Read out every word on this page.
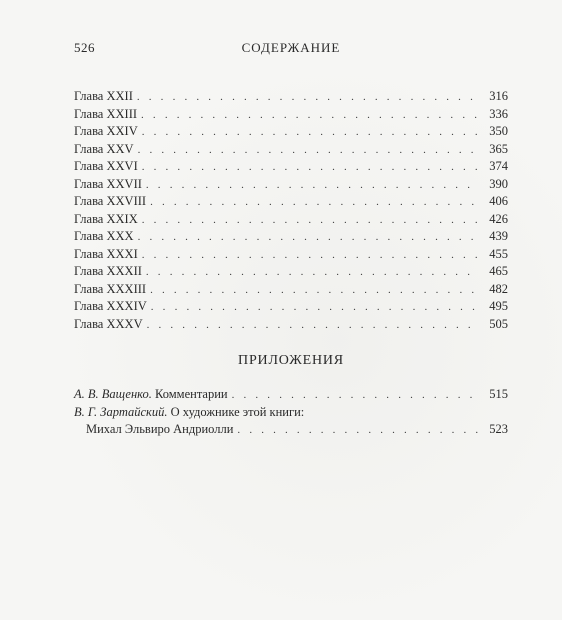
526	СОДЕРЖАНИЕ
Глава XXII . . .	316
Глава XXIII . . .	336
Глава XXIV . . .	350
Глава XXV . . .	365
Глава XXVI . . .	374
Глава XXVII . . .	390
Глава XXVIII . . .	406
Глава XXIX . . .	426
Глава XXX . . .	439
Глава XXXI . . .	455
Глава XXXII . . .	465
Глава XXXIII . . .	482
Глава XXXIV . . .	495
Глава XXXV . . .	505
ПРИЛОЖЕНИЯ
А. В. Ващенко. Комментарии . . .	515
В. Г. Зартайский. О художнике этой книги:
Михал Эльвиро Андриолли . . .	523
